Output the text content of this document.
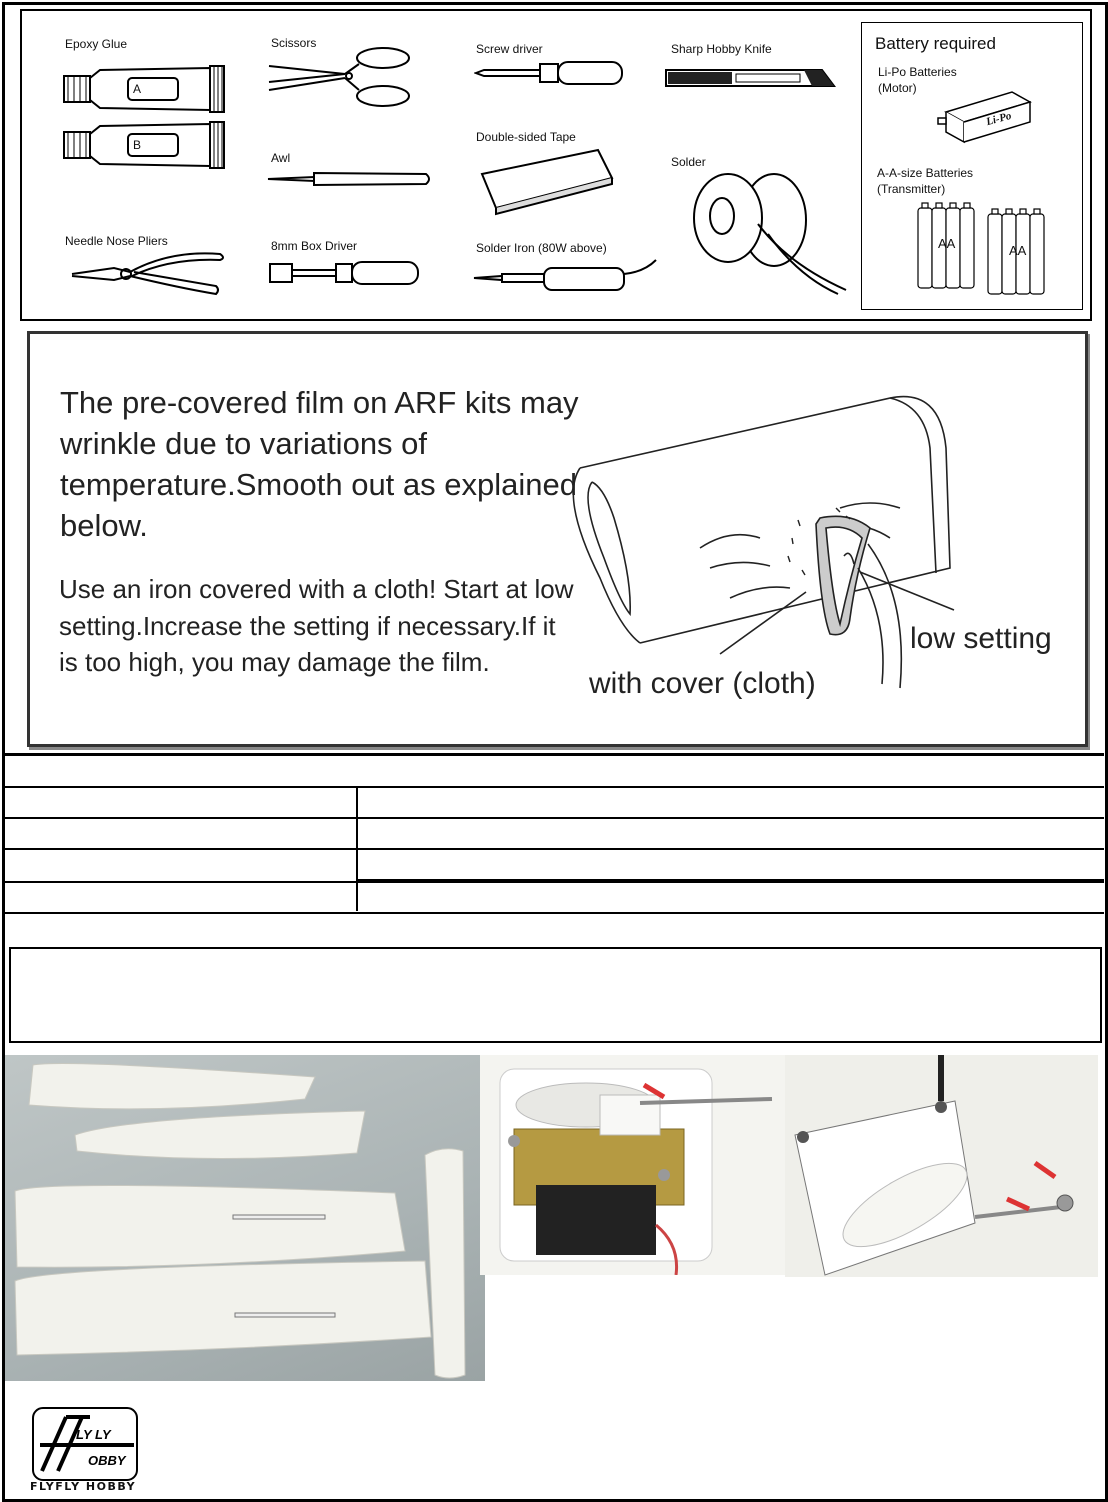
Epoxy Glue
A
B
Scissors	Screw driver	Sharp Hobby Knife
Awl
Double-sided Tape
Solder
Needle Nose Pliers	8mm Box Driver	Solder Iron (80W above)
Battery required
Li-Po Batteries
(Motor)
Li-Po
A-A-size Batteries
(Transmitter)
AA	AA
The pre-covered film on ARF kits may wrinkle due to variations of temperature.Smooth out as explained below.
Use an iron covered with a cloth! Start at low setting.Increase the setting if necessary.If it is too high, you may damage the film.
low setting
with cover (cloth)
LY LY
OBBY
FLYFLY HOBBY
